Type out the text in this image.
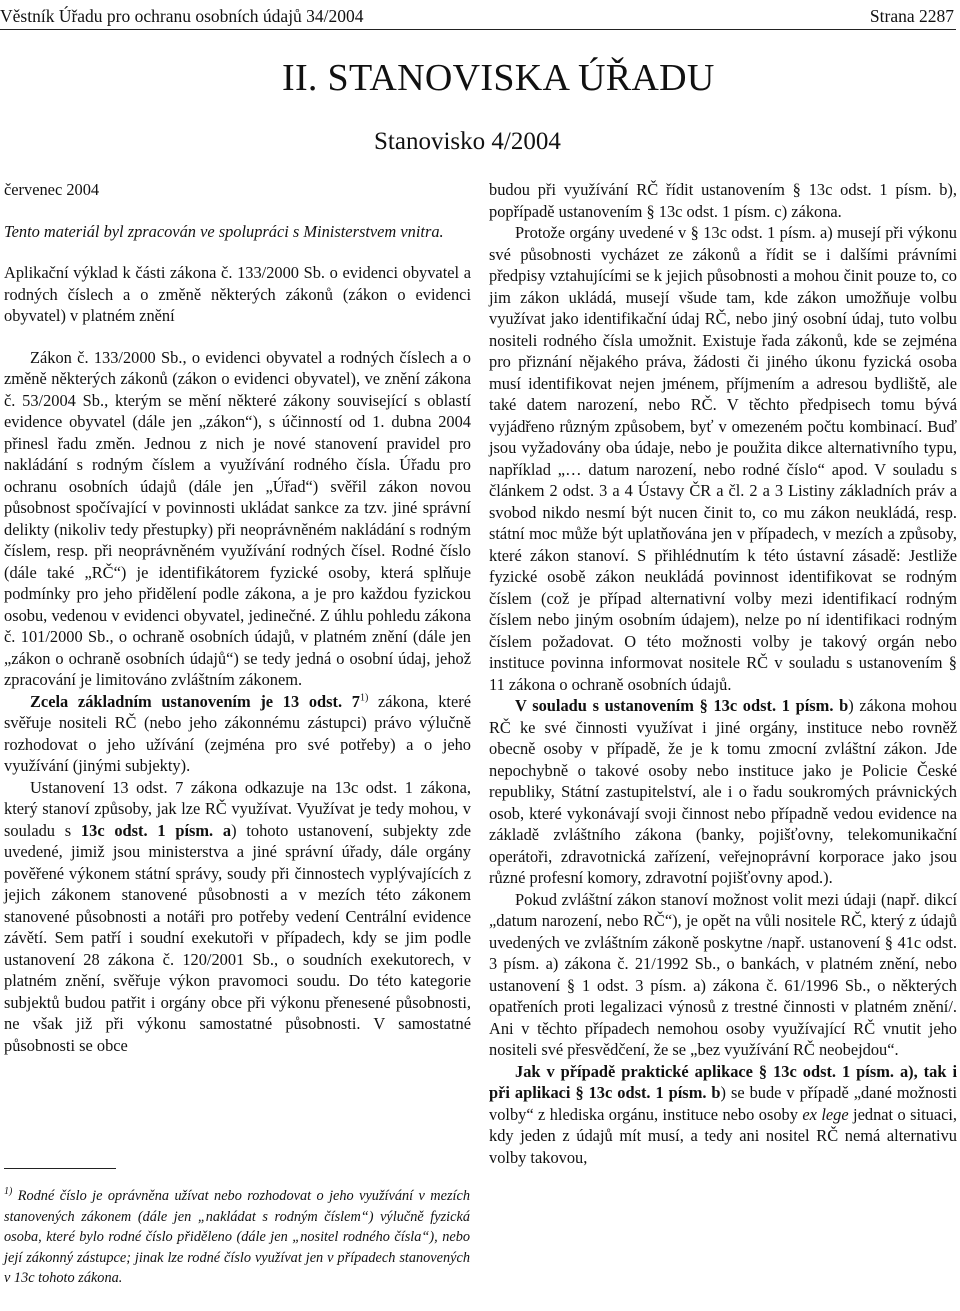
Věstník Úřadu pro ochranu osobních údajů 34/2004	Strana 2287
II. STANOVISKA ÚŘADU
Stanovisko 4/2004

červenec 2004

Tento materiál byl zpracován ve spolupráci s Ministerstvem vnitra.

Aplikační výklad k části zákona č. 133/2000 Sb. o evidenci obyvatel a rodných číslech a o změně některých zákonů (zákon o evidenci obyvatel) v platném znění

Zákon č. 133/2000 Sb., o evidenci obyvatel a rodných číslech a o změně některých zákonů (zákon o evidenci obyvatel), ve znění zákona č. 53/2004 Sb., kterým se mění některé zákony související s oblastí evidence obyvatel (dále jen „zákon“), s účinností od 1. dubna 2004 přinesl řadu změn. Jednou z nich je nové stanovení pravidel pro nakládání s rodným číslem a využívání rodného čísla. Úřadu pro ochranu osobních údajů (dále jen „Úřad“) svěřil zákon novou působnost spočívající v povinnosti ukládat sankce za tzv. jiné správní delikty (nikoliv tedy přestupky) při neoprávněném nakládání s rodným číslem, resp. při neoprávněném využívání rodných čísel. Rodné číslo (dále také „RČ“) je identifikátorem fyzické osoby, která splňuje podmínky pro jeho přidělení podle zákona, a je pro každou fyzickou osobu, vedenou v evidenci obyvatel, jedinečné. Z úhlu pohledu zákona č. 101/2000 Sb., o ochraně osobních údajů, v platném znění (dále jen „zákon o ochraně osobních údajů“) se tedy jedná o osobní údaj, jehož zpracování je limitováno zvláštním zákonem.

Zcela základním ustanovením je 13 odst. 7$^{1)}$ zákona, které svěřuje nositeli RČ (nebo jeho zákonnému zástupci) právo výlučně rozhodovat o jeho užívání (zejména pro své potřeby) a o jeho využívání (jinými subjekty).

Ustanovení 13 odst. 7 zákona odkazuje na 13c odst. 1 zákona, který stanoví způsoby, jak lze RČ využívat. Využívat je tedy mohou, v souladu s 13c odst. 1 písm. a) tohoto ustanovení, subjekty zde uvedené, jimiž jsou ministerstva a jiné správní úřady, dále orgány pověřené výkonem státní správy, soudy při činnostech vyplývajících z jejich zákonem stanovené působnosti a v mezích této zákonem stanovené působnosti a notáři pro potřeby vedení Centrální evidence závětí. Sem patří i soudní exekutoři v případech, kdy se jim podle ustanovení 28 zákona č. 120/2001 Sb., o soudních exekutorech, v platném znění, svěřuje výkon pravomoci soudu. Do této kategorie subjektů budou patřit i orgány obce při výkonu přenesené působnosti, ne však již při výkonu samostatné působnosti. V samostatné působnosti se obce

$^{1)}$ Rodné číslo je oprávněna užívat nebo rozhodovat o jeho využívání v mezích stanovených zákonem (dále jen „nakládat s rodným číslem“) výlučně fyzická osoba, které bylo rodné číslo přiděleno (dále jen „nositel rodného čísla“), nebo její zákonný zástupce; jinak lze rodné číslo využívat jen v případech stanovených v 13c tohoto zákona.

budou při využívání RČ řídit ustanovením § 13c odst. 1 písm. b), popřípadě ustanovením § 13c odst. 1 písm. c) zákona.

Protože orgány uvedené v § 13c odst. 1 písm. a) musejí při výkonu své působnosti vycházet ze zákonů a řídit se i dalšími právními předpisy vztahujícími se k jejich působnosti a mohou činit pouze to, co jim zákon ukládá, musejí všude tam, kde zákon umožňuje volbu využívat jako identifikační údaj RČ, nebo jiný osobní údaj, tuto volbu nositeli rodného čísla umožnit. Existuje řada zákonů, kde se zejména pro přiznání nějakého práva, žádosti či jiného úkonu fyzická osoba musí identifikovat nejen jménem, příjmením a adresou bydliště, ale také datem narození, nebo RČ. V těchto předpisech tomu bývá vyjádřeno různým způsobem, byť v omezeném počtu kombinací. Buď jsou vyžadovány oba údaje, nebo je použita dikce alternativního typu, například „… datum narození, nebo rodné číslo“ apod. V souladu s článkem 2 odst. 3 a 4 Ústavy ČR a čl. 2 a 3 Listiny základních práv a svobod nikdo nesmí být nucen činit to, co mu zákon neukládá, resp. státní moc může být uplatňována jen v případech, v mezích a způsoby, které zákon stanoví. S přihlédnutím k této ústavní zásadě: Jestliže fyzické osobě zákon neukládá povinnost identifikovat se rodným číslem (což je případ alternativní volby mezi identifikací rodným číslem nebo jiným osobním údajem), nelze po ní identifikaci rodným číslem požadovat. O této možnosti volby je takový orgán nebo instituce povinna informovat nositele RČ v souladu s ustanovením § 11 zákona o ochraně osobních údajů.

V souladu s ustanovením § 13c odst. 1 písm. b) zákona mohou RČ ke své činnosti využívat i jiné orgány, instituce nebo rovněž obecně osoby v případě, že je k tomu zmocní zvláštní zákon. Jde nepochybně o takové osoby nebo instituce jako je Policie České republiky, Státní zastupitelství, ale i o řadu soukromých právnických osob, které vykonávají svoji činnost nebo případně vedou evidence na základě zvláštního zákona (banky, pojišťovny, telekomunikační operátoři, zdravotnická zařízení, veřejnoprávní korporace jako jsou různé profesní komory, zdravotní pojišťovny apod.).

Pokud zvláštní zákon stanoví možnost volit mezi údaji (např. dikcí „datum narození, nebo RČ“), je opět na vůli nositele RČ, který z údajů uvedených ve zvláštním zákoně poskytne /např. ustanovení § 41c odst. 3 písm. a) zákona č. 21/1992 Sb., o bankách, v platném znění, nebo ustanovení § 1 odst. 3 písm. a) zákona č. 61/1996 Sb., o některých opatřeních proti legalizaci výnosů z trestné činnosti v platném znění/. Ani v těchto případech nemohou osoby využívající RČ vnutit jeho nositeli své přesvědčení, že se „bez využívání RČ neobejdou“.

Jak v případě praktické aplikace § 13c odst. 1 písm. a), tak i při aplikaci § 13c odst. 1 písm. b) se bude v případě „dané možnosti volby“ z hlediska orgánu, instituce nebo osoby ex lege jednat o situaci, kdy jeden z údajů mít musí, a tedy ani nositel RČ nemá alternativu volby takovou,
